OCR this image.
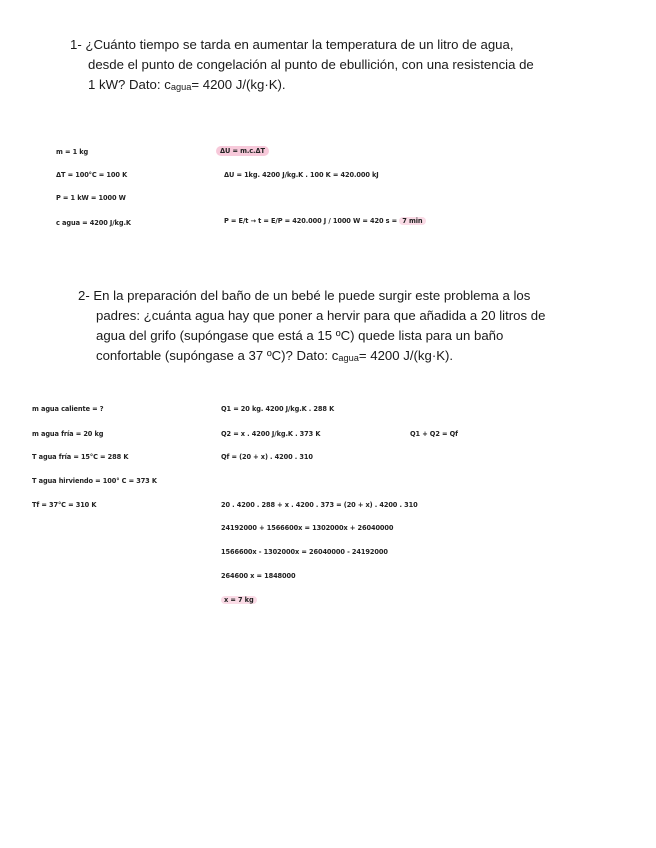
1- ¿Cuánto tiempo se tarda en aumentar la temperatura de un litro de agua,
desde el punto de congelación al punto de ebullición, con una resistencia de
1 kW? Dato: $c_{agua}= 4200$ J/(kg·K).
m = 1 kg
ΔT = 100°C = 100 K
P = 1 kW = 1000 W
c agua = 4200 J/kg.K
ΔU = m.c.ΔT
ΔU = 1kg. 4200 J/kg.K . 100 K = 420.000 kJ
P = E/t → t = E/P = 420.000 J / 1000 W = 420 s = 7 min
2- En la preparación del baño de un bebé le puede surgir este problema a los
padres: ¿cuánta agua hay que poner a hervir para que añadida a 20 litros de
agua del grifo (supóngase que está a 15 ºC) quede lista para un baño
confortable (supóngase a 37 ºC)? Dato: $c_{agua}= 4200$ J/(kg·K).
m agua caliente = ?
m agua fría = 20 kg
T agua fría = 15°C = 288 K
T agua hirviendo = 100° C = 373 K
Tf = 37°C = 310 K
Q1 = 20 kg. 4200 J/kg.K . 288 K
Q2 = x . 4200 J/kg.K . 373 K	Q1 + Q2 = Qf
Qf = (20 + x) . 4200 . 310
20 . 4200 . 288 + x . 4200 . 373 = (20 + x) . 4200 . 310
24192000 + 1566600x = 1302000x + 26040000
1566600x - 1302000x = 26040000 - 24192000
264600 x = 1848000
x = 7 kg
